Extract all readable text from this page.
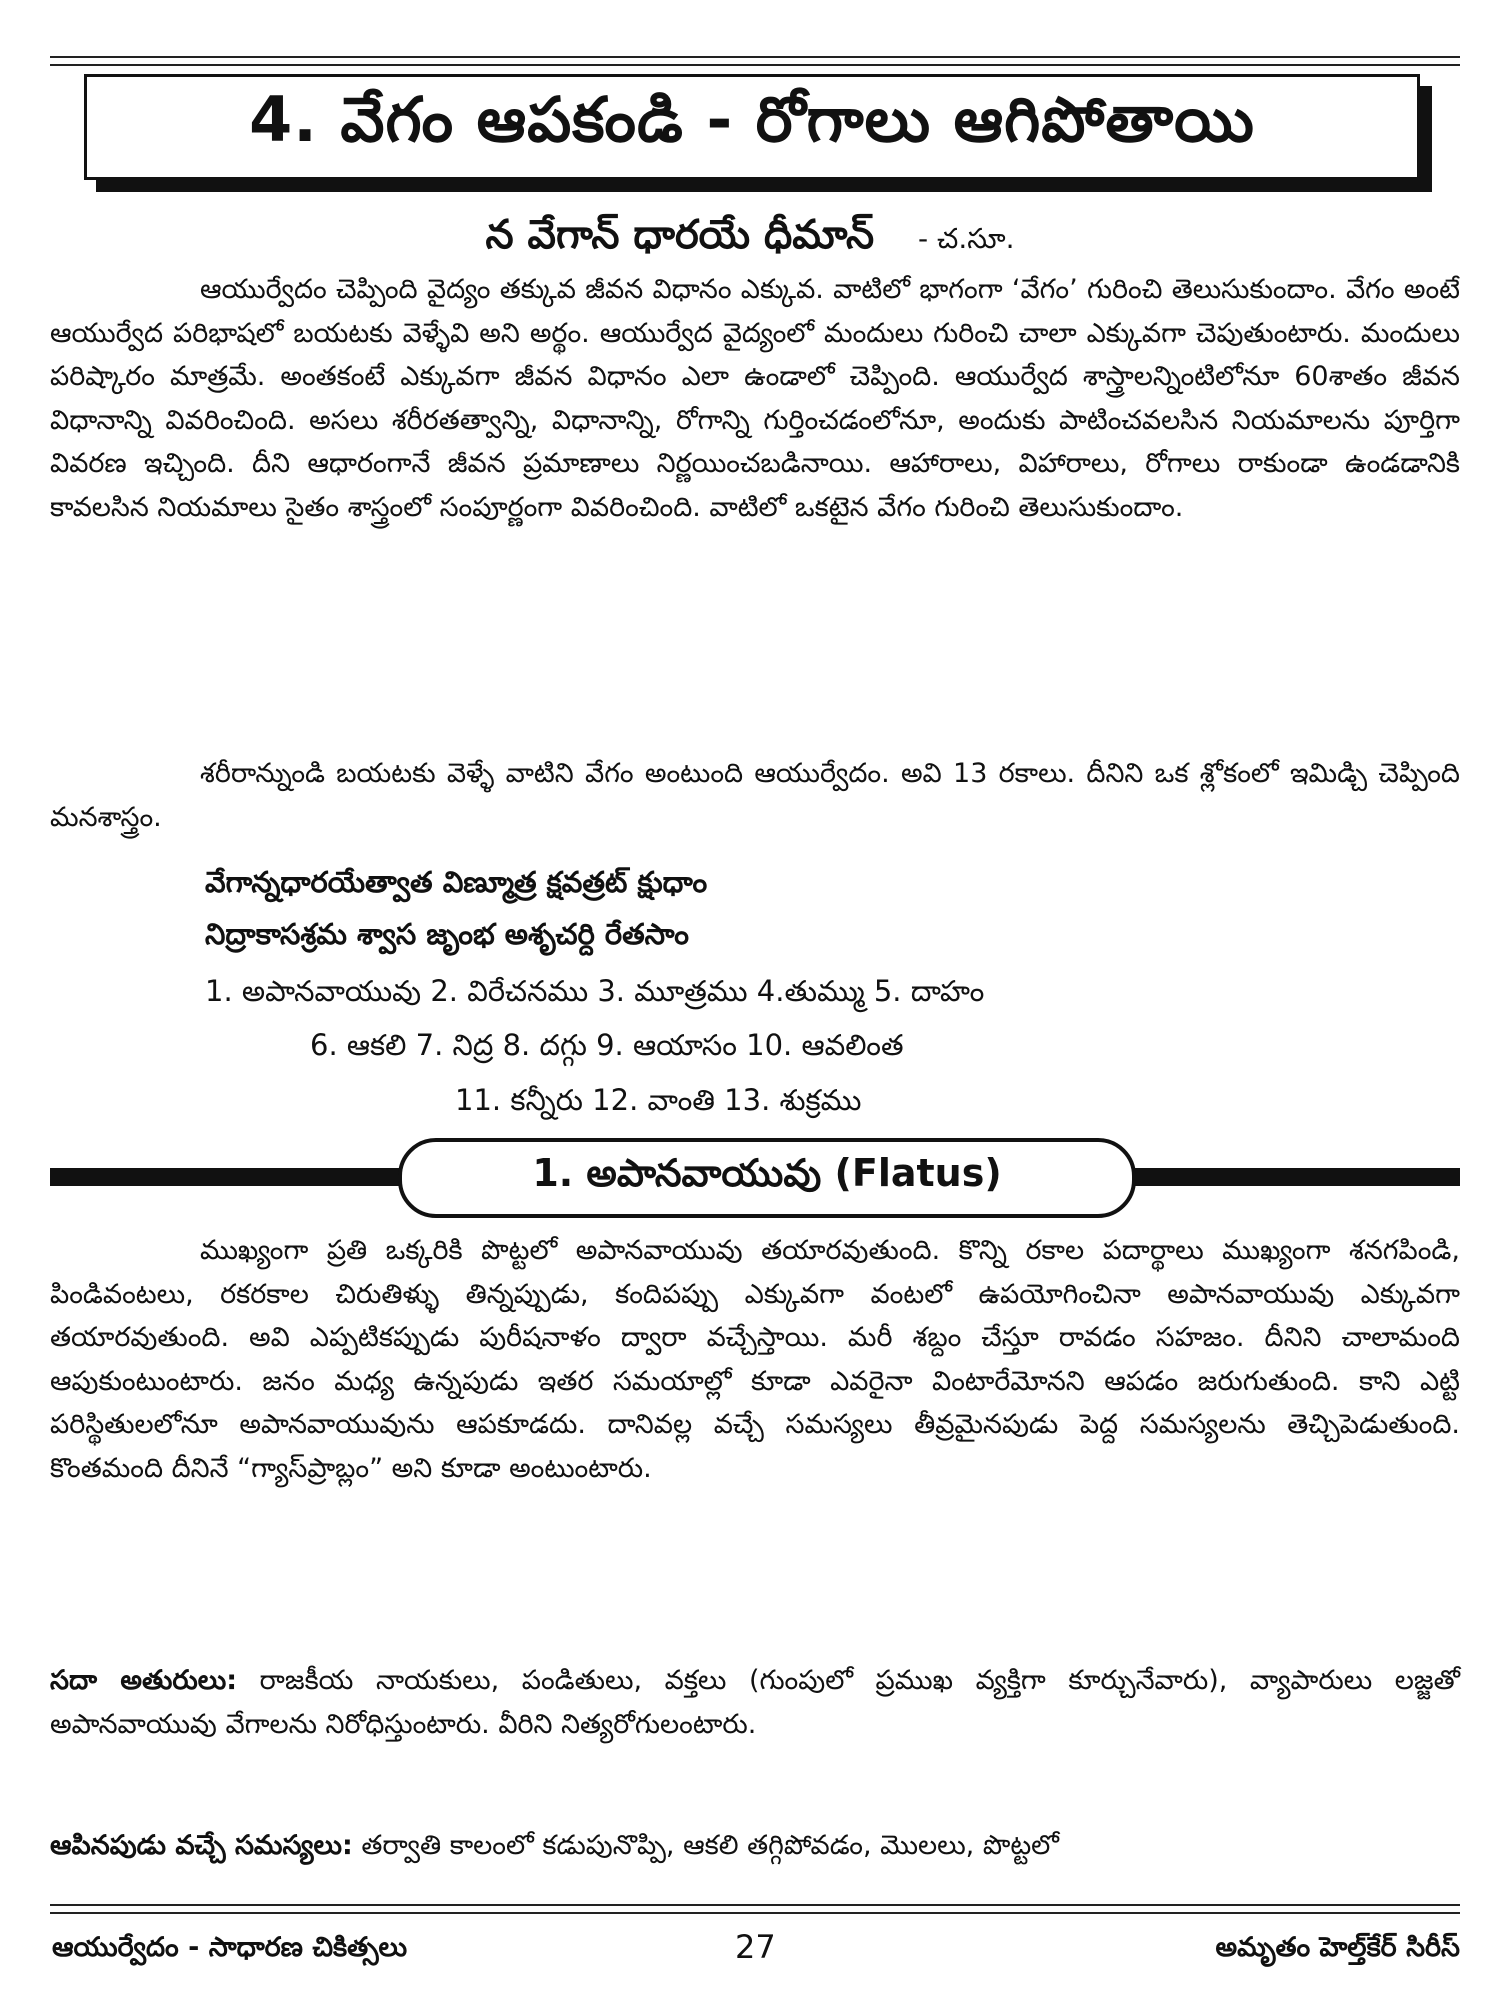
4. వేగం ఆపకండి - రోగాలు ఆగిపోతాయి
న వేగాన్ ధారయే ధీమాన్ - చ.సూ.

ఆయుర్వేదం చెప్పింది వైద్యం తక్కువ జీవన విధానం ఎక్కువ. వాటిలో భాగంగా ‘వేగం’ గురించి తెలుసుకుందాం. వేగం అంటే ఆయుర్వేద పరిభాషలో బయటకు వెళ్ళేవి అని అర్థం. ఆయుర్వేద వైద్యంలో మందులు గురించి చాలా ఎక్కువగా చెపుతుంటారు. మందులు పరిష్కారం మాత్రమే. అంతకంటే ఎక్కువగా జీవన విధానం ఎలా ఉండాలో చెప్పింది. ఆయుర్వేద శాస్త్రాలన్నింటిలోనూ 60శాతం జీవన విధానాన్ని వివరించింది. అసలు శరీరతత్వాన్ని, విధానాన్ని, రోగాన్ని గుర్తించడంలోనూ, అందుకు పాటించవలసిన నియమాలను పూర్తిగా వివరణ ఇచ్చింది. దీని ఆధారంగానే జీవన ప్రమాణాలు నిర్ణయించబడినాయి. ఆహారాలు, విహారాలు, రోగాలు రాకుండా ఉండడానికి కావలసిన నియమాలు సైతం శాస్త్రంలో సంపూర్ణంగా వివరించింది. వాటిలో ఒకటైన వేగం గురించి తెలుసుకుందాం.

శరీరాన్నుండి బయటకు వెళ్ళే వాటిని వేగం అంటుంది ఆయుర్వేదం. అవి 13 రకాలు. దీనిని ఒక శ్లోకంలో ఇమిడ్చి చెప్పింది మనశాస్త్రం.

వేగాన్నధారయేత్వాత విణ్మూత్ర క్షవత్రట్ క్షుధాం
నిద్రాకాసశ్రమ శ్వాస జృంభ అశృచర్ది రేతసాం
1. అపానవాయువు 2. విరేచనము 3. మూత్రము 4.తుమ్ము 5. దాహం
6. ఆకలి 7. నిద్ర 8. దగ్గు 9. ఆయాసం 10. ఆవలింత
11. కన్నీరు 12. వాంతి 13. శుక్రము
1. అపానవాయువు (Flatus)

ముఖ్యంగా ప్రతి ఒక్కరికి పొట్టలో అపానవాయువు తయారవుతుంది. కొన్ని రకాల పదార్థాలు ముఖ్యంగా శనగపిండి, పిండివంటలు, రకరకాల చిరుతిళ్ళు తిన్నప్పుడు, కందిపప్పు ఎక్కువగా వంటలో ఉపయోగించినా అపానవాయువు ఎక్కువగా తయారవుతుంది. అవి ఎప్పటికప్పుడు పురీషనాళం ద్వారా వచ్చేస్తాయి. మరీ శబ్దం చేస్తూ రావడం సహజం. దీనిని చాలామంది ఆపుకుంటుంటారు. జనం మధ్య ఉన్నపుడు ఇతర సమయాల్లో కూడా ఎవరైనా వింటారేమోనని ఆపడం జరుగుతుంది. కాని ఎట్టి పరిస్థితులలోనూ అపానవాయువును ఆపకూడదు. దానివల్ల వచ్చే సమస్యలు తీవ్రమైనపుడు పెద్ద సమస్యలను తెచ్చిపెడుతుంది. కొంతమంది దీనినే “గ్యాస్‌ప్రాబ్లం” అని కూడా అంటుంటారు.

సదా అతురులు: రాజకీయ నాయకులు, పండితులు, వక్తలు (గుంపులో ప్రముఖ వ్యక్తిగా కూర్చునేవారు), వ్యాపారులు లజ్జతో అపానవాయువు వేగాలను నిరోధిస్తుంటారు. వీరిని నిత్యరోగులంటారు.

ఆపినపుడు వచ్చే సమస్యలు: తర్వాతి కాలంలో కడుపునొప్పి, ఆకలి తగ్గిపోవడం, మొలలు, పొట్టలో

ఆయుర్వేదం - సాధారణ చికిత్సలు	27	అమృతం హెల్త్‌కేర్ సిరీస్
